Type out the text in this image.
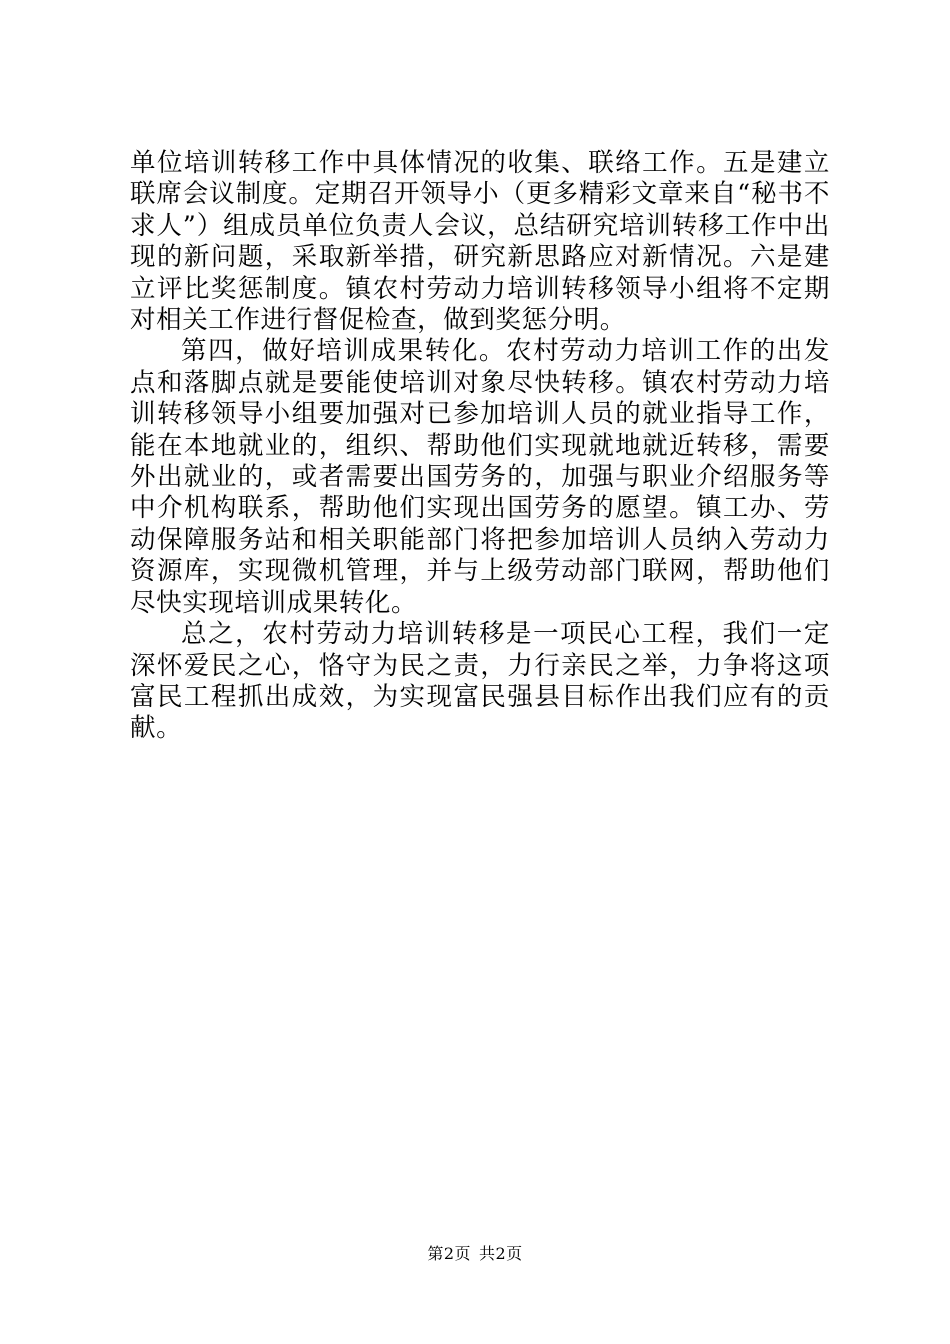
单位培训转移工作中具体情况的收集、联络工作。五是建立联席会议制度。定期召开领导小（更多精彩文章来自“秘书不求人”）组成员单位负责人会议，总结研究培训转移工作中出现的新问题，采取新举措，研究新思路应对新情况。六是建立评比奖惩制度。镇农村劳动力培训转移领导小组将不定期对相关工作进行督促检查，做到奖惩分明。

第四，做好培训成果转化。农村劳动力培训工作的出发点和落脚点就是要能使培训对象尽快转移。镇农村劳动力培训转移领导小组要加强对已参加培训人员的就业指导工作，能在本地就业的，组织、帮助他们实现就地就近转移，需要外出就业的，或者需要出国劳务的，加强与职业介绍服务等中介机构联系，帮助他们实现出国劳务的愿望。镇工办、劳动保障服务站和相关职能部门将把参加培训人员纳入劳动力资源库，实现微机管理，并与上级劳动部门联网，帮助他们尽快实现培训成果转化。

总之，农村劳动力培训转移是一项民心工程，我们一定深怀爱民之心，恪守为民之责，力行亲民之举，力争将这项富民工程抓出成效，为实现富民强县目标作出我们应有的贡献。

第2页 共2页
